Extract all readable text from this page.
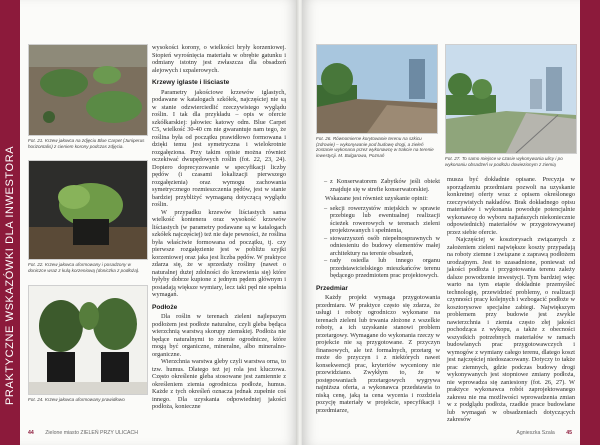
PRAKTYCZNE WSKAZÓWKI DLA INWESTORA
Fot. 21. Krzew jałowca na zdjęciu Blue Carpet (Juniperus horizontalis) z cieniem korony podczas zdjęcia.
Fot. 22. Krzew jałowca uformowany i posadzony w doniczce wraz z kulą korzeniową (doniczka z podłoża).
Fot. 24. Krzew jałowca uformowany prawidłowo

wysokości korony, o wielkości bryły korzeniowej. Stopień wyrośnięcia materiału w obrębie gatunku i odmiany istotny jest zwłaszcza dla obsadzeń alejowych i szpalerowych.

Krzewy iglaste i liściaste

Parametry jakościowe krzewów iglastych, podawane w katalogach szkółek, najczęściej nie są w stanie odzwierciedlić rzeczywistego wyglądu roślin. I tak dla przykładu – opis w ofercie szkółkarskiej: jałowiec katowy odm. Blue Carpet C5, wielkość 30-40 cm nie gwarantuje nam tego, że roślina była od początku prawidłowo formowana i dzięki temu jest symetryczna i wielokrotnie rozgałęziona. Przy takim opisie można również oczekiwać dwupędowych roślin (fot. 22, 23, 24). Dopiero doprecyzowanie w specyfikacji liczby pędów (i czasami lokalizacji pierwszego rozgałęzienia) oraz wymogu zachowania symetrycznego rozmieszczenia pędów, jest w stanie bardziej przybliżyć wymaganą dotyczącą wyglądu roślin.

W przypadku krzewów liściastych sama wielkość kontenera oraz wysokość krzewów liściastych (w parametry podawane są w katalogach szkółek najczęściej) też nie daje pewności, że roślina była właściwie formowana od początku, tj. czy pierwsze rozgałęzienie jest w pobliżu szyjki korzeniowej oraz jaka jest liczba pędów. W praktyce zdarza się, że w sprzedaży rośliny (nawet o naturalnej dużej zdolności do krzewienia się) które byłyby dobrze kupione z jednym pędem głównym i posiadają większe wymiary, lecz taki pęd nie spełnia wymagań.

Podłoże

Dla roślin w terenach zieleni najlepszym podłożem jest podłoże naturalne, czyli gleba będąca wierzchnią warstwą skorupy ziemskiej. Podłoża nie będące naturalnymi to ziemie ogrodnicze, które mogą być organiczne, mineralne, albo mineralno-organiczne.

Wierzchnia warstwa gleby czyli warstwa orna, to tzw. humus. Dlatego też jej rola jest kluczowa. Często określenie gleba stosowane jest zamiennie z określeniem ziemia ogrodnicza podłoże, humus. Każde z tych określeń oznacza jednak zupełnie coś innego. Dla uzyskania odpowiedniej jakości podłoża, konieczne

44 Zielone miasto ZIELEŃ PRZY ULICACH
Fot. 26. Równomierne korytowanie terenu na szkicu (zdrowie) – wykonywanie pod budowę drogi, a zieleń zostanie wykonana przez wykonawcę w trakcie na terenie inwestycji. M. Bulgarowa, Poznań
Fot. 27. To samo miejsce w czasie wykonywania ulicy i po wykonaniu obsadzeń w podłożu dowiezionym z ziemią
– z Konserwatorem Zabytków jeśli obiekt znajduje się w strefie konserwatorskiej.

Wskazane jest również uzyskanie opinii:

– sekcji rowerzystów miejskich w sprawie przebiegu lub ewentualnej realizacji ścieżek rowerowych w terenach zieleni projektowanych i spełnienia,
– stowarzyszeń osób niepełnosprawnych w odniesieniu do budowy elementów małej architektury na terenie obsadzeń,
– rady osiedla lub innego organu przedstawicielskiego mieszkańców terenu będącego przedmiotem prac projektowych.
Przedmiar

Każdy projekt wymaga przygotowania przedmiaru. W praktyce często się zdarza, że usługi i roboty ogrodniczo wykonane na terenach zieleni lub trwania złożone z wszelkie roboty, a ich uzyskanie stanowi problem przetargowy. Wymagane do wykonania rzeczy w projekcie nie są przygotowane. Z przyczyn finansowych, ale też formalnych, przetarg w może do przyczyn i z niektórych nawet konsekwencji prac, kryteriów wyceniony nie przewidziano. Zwykłym to, że w postępowaniach przetargowych wygrywa najniższa oferta, a wykonawca przedstawia to niską cenę, jaką ta cena wycenia i rozdziela pozycję materiały w projekcie, specyfikacji i przedmiarze,

musza być dokładnie opisane. Precyzja w sporządzeniu przedmiaru pozwoli na uzyskanie konkretnej oferty wraz z opisem określonego rzeczywistych nakładów. Brak dokładnego opisu materiałów i wykonania powoduje potencjalnie wykonawcę do wyboru najtańszych niekoniecznie odpowiednich) materiałów w przygotowywanej przez siebie ofercie.

Najczęściej w kosztorysach związanych z założeniem zieleni największe koszty przypadają na roboty ziemne i związane z zaprawą podłożem urodzajnym. Jest to uzasadnione, ponieważ od jakości podłoża i przygotowania terenu zależy dalsze powodzenie inwestycji. Tym bardziej więc warto na tym etapie dokładnie przemyśleć technologię, przewidzieć problemy, o realizacji czynności pracy kolejnych i wzbogacić podłoże w kosztorysowe specjalne zabiegi. Największym problemem przy budowie jest zwykle nawierzchnia i ziemia często złej jakości pochodząca z wykopu, a także z obecności wszystkich potrzebnych materiałów w ramach budowlanych prac przygotowawczych i wymogów z wymiany całego terenu, dlatego koszt jest najczęściej niedoszacowany. Dotyczy to także prac ziemnych, gdzie podczas budowy drogi wykonywanych jest stopniowe zmiany podłoża, nie wprowadza się zaniesiony (fot. 26, 27). W praktyce wykonawca robót zaprojektowanego zakresu nie ma możliwości wprowadzenia zmian w z podglądu podłoża, rzadkie prace budowlane lub wymagań w obsadzeniach dotyczących zakresów

Agnieszka Szala 45
